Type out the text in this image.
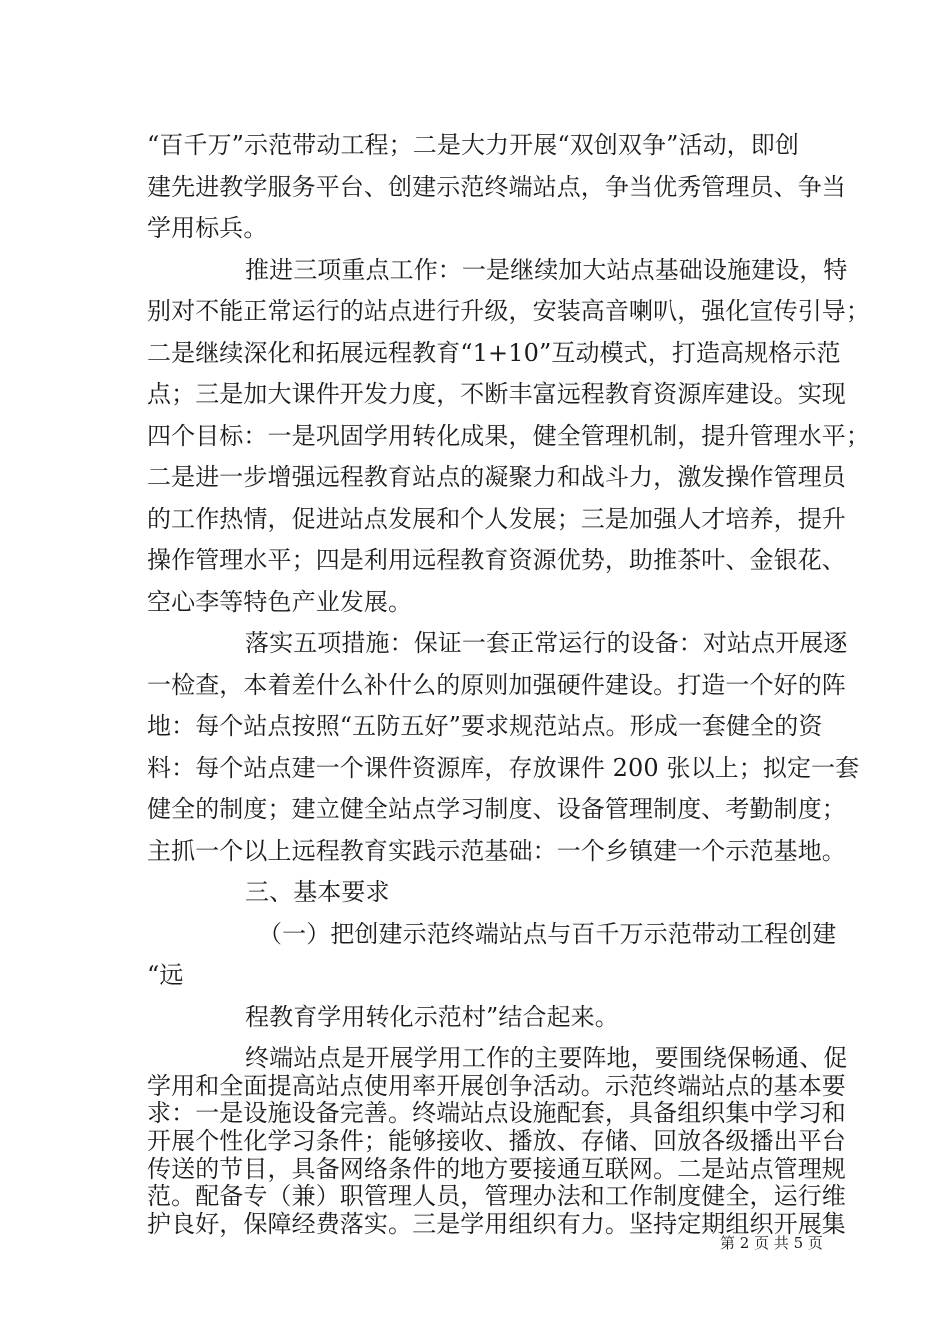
“百千万”示范带动工程；二是大力开展“双创双争”活动，即创
建先进教学服务平台、创建示范终端站点，争当优秀管理员、争当
学用标兵。
推进三项重点工作：一是继续加大站点基础设施建设，特
别对不能正常运行的站点进行升级，安装高音喇叭，强化宣传引导；
二是继续深化和拓展远程教育“1+10”互动模式，打造高规格示范
点；三是加大课件开发力度，不断丰富远程教育资源库建设。实现
四个目标：一是巩固学用转化成果，健全管理机制，提升管理水平；
二是进一步增强远程教育站点的凝聚力和战斗力，激发操作管理员
的工作热情，促进站点发展和个人发展；三是加强人才培养，提升
操作管理水平；四是利用远程教育资源优势，助推茶叶、金银花、
空心李等特色产业发展。
落实五项措施：保证一套正常运行的设备：对站点开展逐
一检查，本着差什么补什么的原则加强硬件建设。打造一个好的阵
地：每个站点按照“五防五好”要求规范站点。形成一套健全的资
料：每个站点建一个课件资源库，存放课件 200 张以上；拟定一套
健全的制度；建立健全站点学习制度、设备管理制度、考勤制度；
主抓一个以上远程教育实践示范基础：一个乡镇建一个示范基地。
三、基本要求
（一）把创建示范终端站点与百千万示范带动工程创建
“远
程教育学用转化示范村”结合起来。
终端站点是开展学用工作的主要阵地，要围绕保畅通、促
学用和全面提高站点使用率开展创争活动。示范终端站点的基本要
求：一是设施设备完善。终端站点设施配套，具备组织集中学习和
开展个性化学习条件；能够接收、播放、存储、回放各级播出平台
第 2 页 共 5 页
传送的节目，具备网络条件的地方要接通互联网。二是站点管理规
范。配备专（兼）职管理人员，管理办法和工作制度健全，运行维
护良好，保障经费落实。三是学用组织有力。坚持定期组织开展集
